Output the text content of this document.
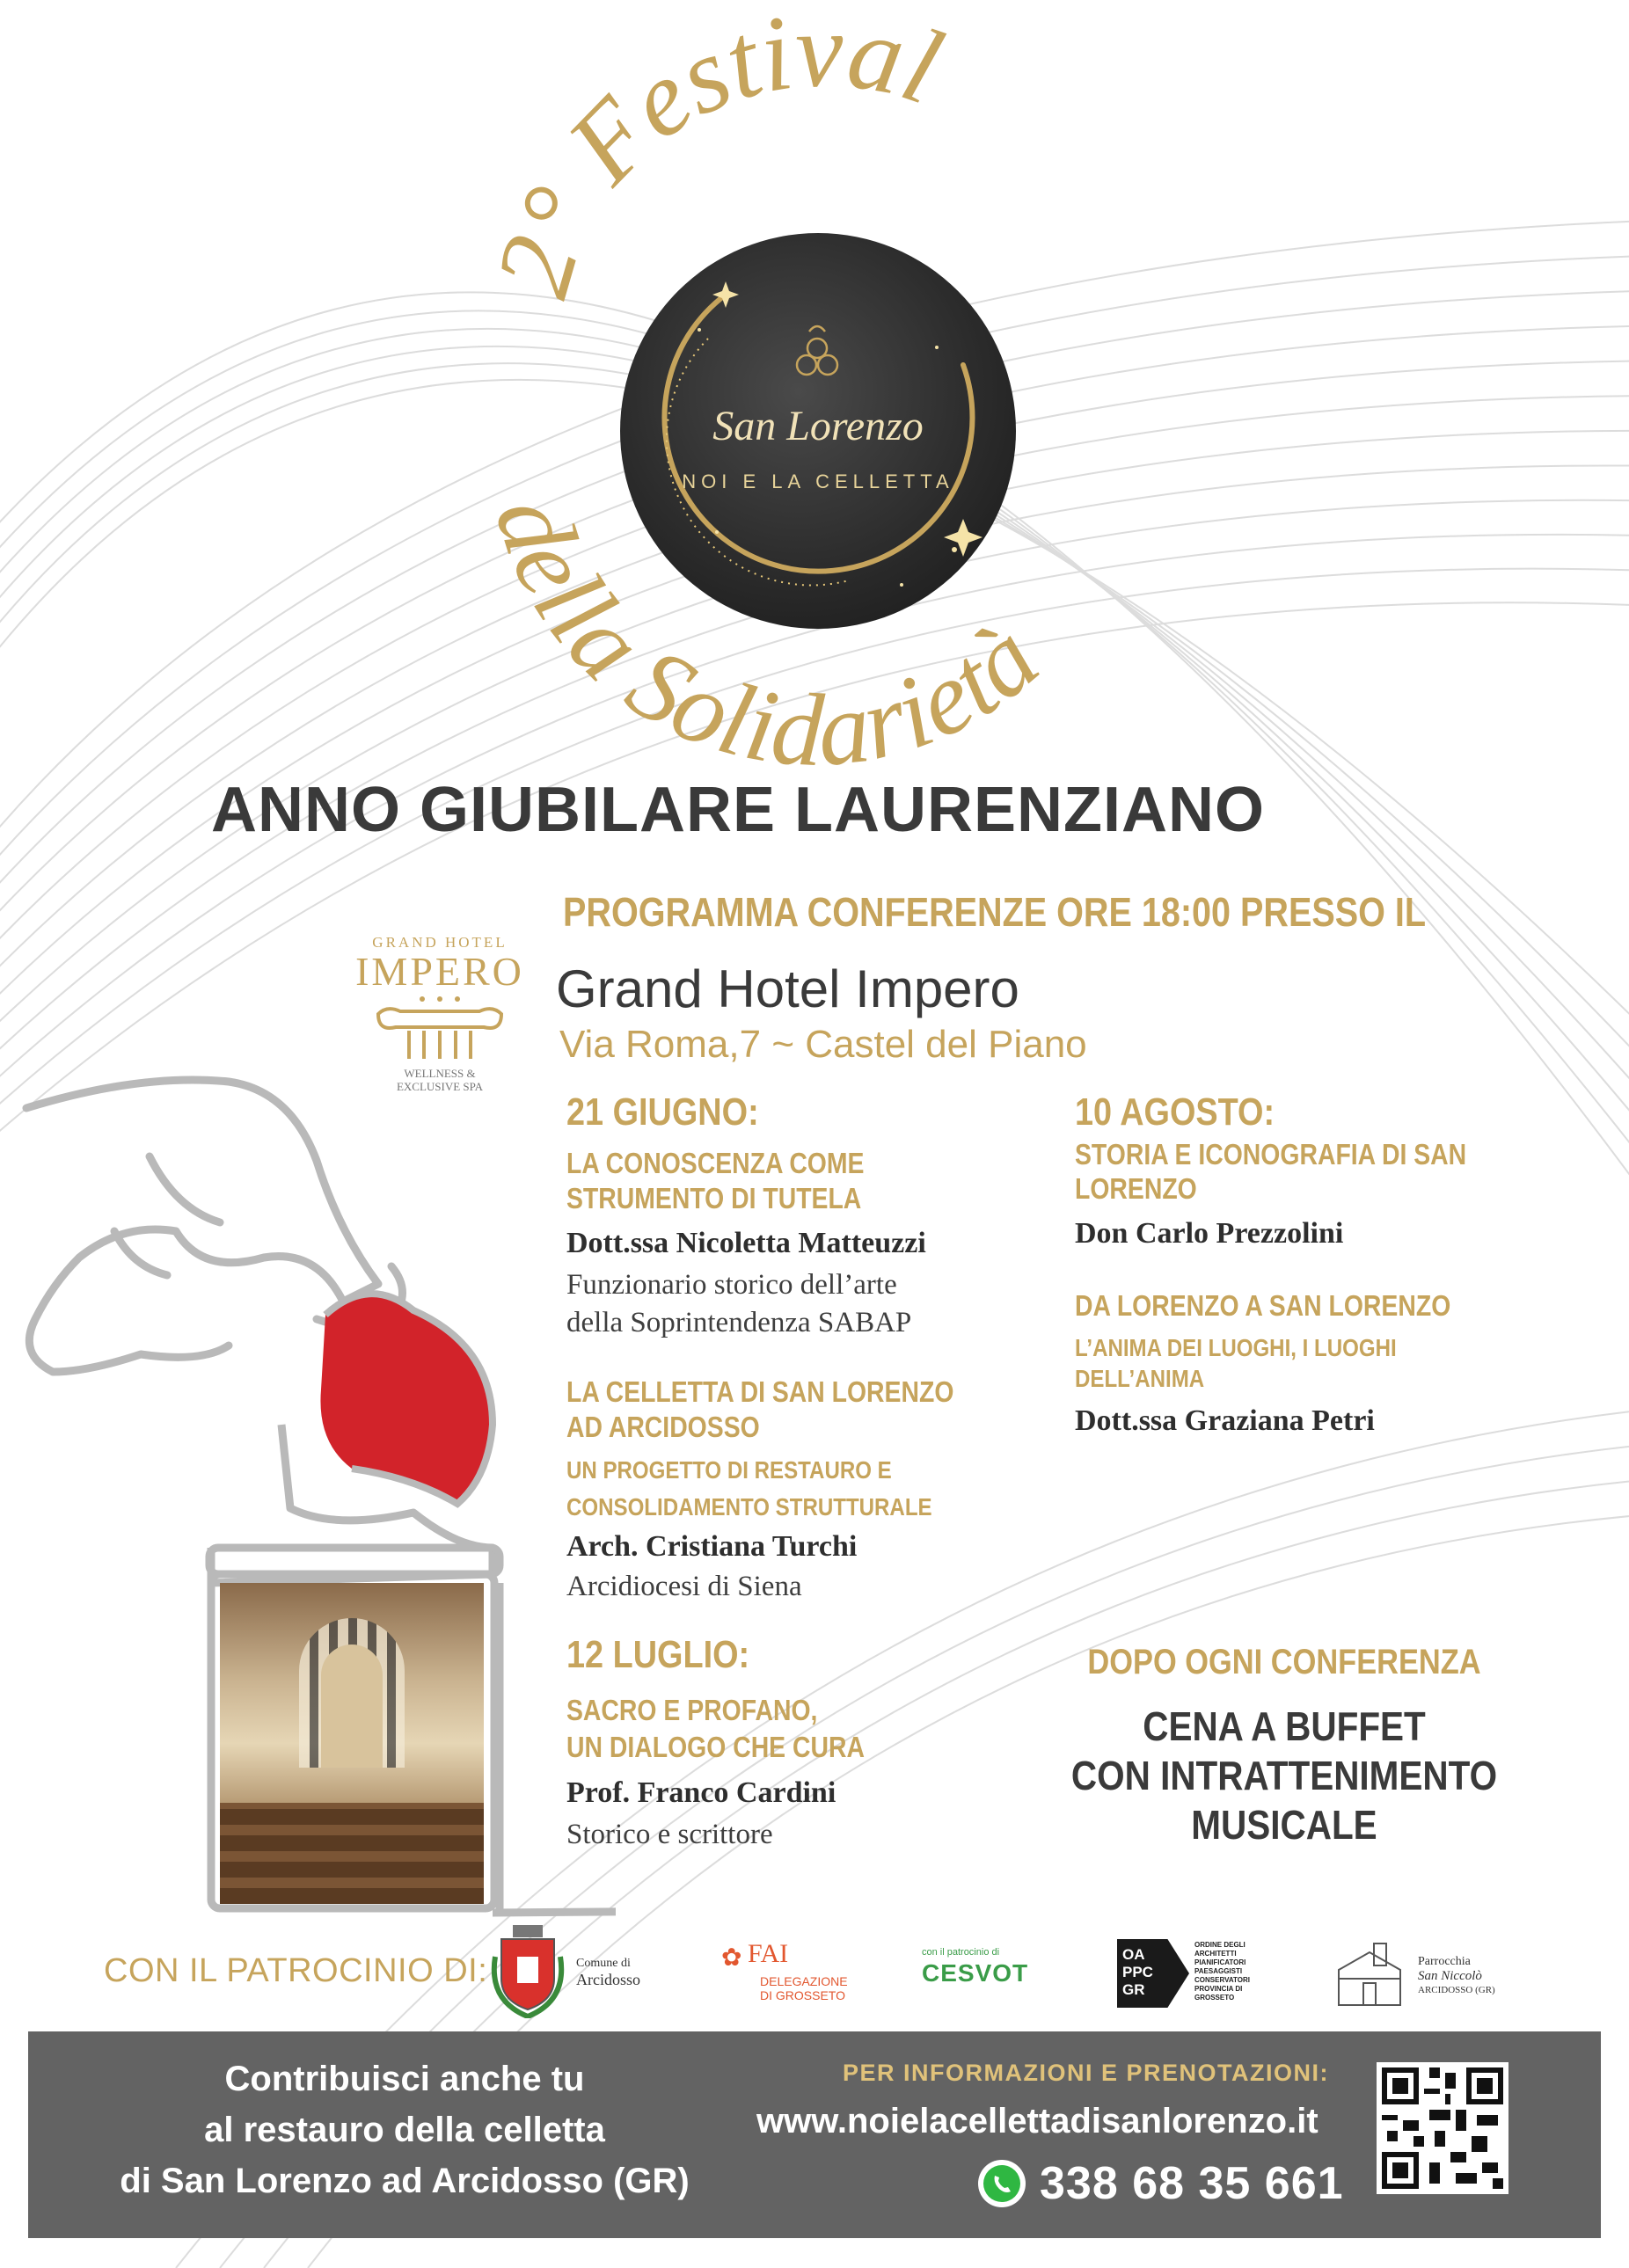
2° Festival
della Solidarietà
San Lorenzo
NOI E LA CELLETTA
ANNO GIUBILARE LAURENZIANO
PROGRAMMA CONFERENZE ORE 18:00 PRESSO IL
GRAND HOTEL
IMPERO
WELLNESS &
EXCLUSIVE SPA
Grand Hotel Impero
Via Roma,7 ~ Castel del Piano
21 GIUGNO:
LA CONOSCENZA COME
STRUMENTO DI TUTELA
Dott.ssa Nicoletta Matteuzzi
Funzionario storico dell’arte
della Soprintendenza SABAP
LA CELLETTA DI SAN LORENZO
AD ARCIDOSSO
UN PROGETTO DI RESTAURO E
CONSOLIDAMENTO STRUTTURALE
Arch. Cristiana Turchi
Arcidiocesi di Siena
12 LUGLIO:
SACRO E PROFANO,
UN DIALOGO CHE CURA
Prof. Franco Cardini
Storico e scrittore
10 AGOSTO:
STORIA E ICONOGRAFIA DI SAN
LORENZO
Don Carlo Prezzolini
DA LORENZO A SAN LORENZO
L’ANIMA DEI LUOGHI, I LUOGHI
DELL’ANIMA
Dott.ssa Graziana Petri
DOPO OGNI CONFERENZA
CENA A BUFFET
CON INTRATTENIMENTO
MUSICALE
CON IL PATROCINIO DI:	Comune di
Arcidosso
✿ FAI
DELEGAZIONE
DI GROSSETO
con il patrocinio di
CESVOT
OA PPC GR
ORDINE DEGLI
ARCHITETTI
PIANIFICATORI
PAESAGGISTI
CONSERVATORI
PROVINCIA DI
GROSSETO
Parrocchia
San Niccolò
ARCIDOSSO (GR)
Contribuisci anche tu
al restauro della celletta
di San Lorenzo ad Arcidosso (GR)
PER INFORMAZIONI E PRENOTAZIONI:
www.noielacellettadisanlorenzo.it
338 68 35 661
